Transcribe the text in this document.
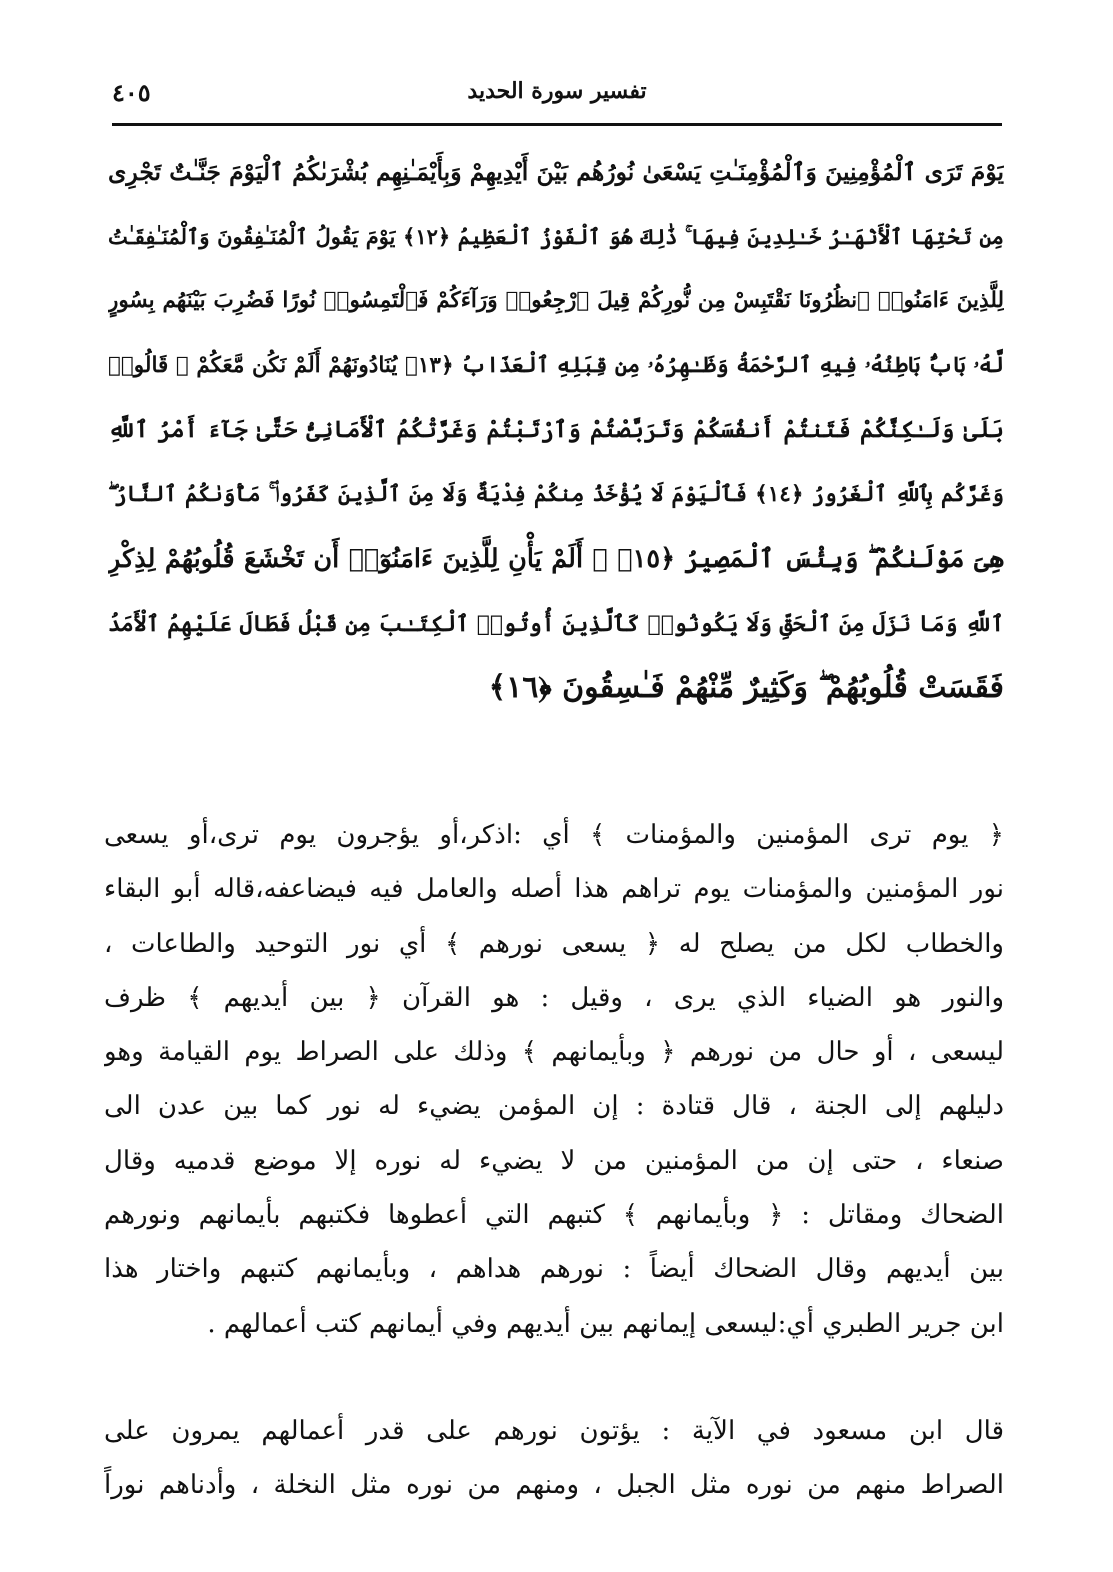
٤٠٥	تفسير سورة الحديد
يَوْمَ تَرَى ٱلْمُؤْمِنِينَ وَٱلْمُؤْمِنَـٰتِ يَسْعَىٰ نُورُهُم بَيْنَ أَيْدِيهِمْ وَبِأَيْمَـٰنِهِم بُشْرَىٰكُمُ ٱلْيَوْمَ جَنَّـٰتٌ تَجْرِى
مِن تَحْتِهَا ٱلْأَنْهَـٰرُ خَـٰلِدِينَ فِيهَا ۚ ذَٰلِكَ هُوَ ٱلْفَوْزُ ٱلْعَظِيمُ ﴿١٢﴾ يَوْمَ يَقُولُ ٱلْمُنَـٰفِقُونَ وَٱلْمُنَـٰفِقَـٰتُ
لِلَّذِينَ ءَامَنُوا۟ ٱنظُرُونَا نَقْتَبِسْ مِن نُّورِكُمْ قِيلَ ٱرْجِعُوا۟ وَرَآءَكُمْ فَٱلْتَمِسُوا۟ نُورًا فَضُرِبَ بَيْنَهُم بِسُورٍ
لَّهُۥ بَابٌۢ بَاطِنُهُۥ فِيهِ ٱلرَّحْمَةُ وَظَـٰهِرُهُۥ مِن قِبَلِهِ ٱلْعَذَابُ ﴿١٣﴾ يُنَادُونَهُمْ أَلَمْ نَكُن مَّعَكُمْ ۖ قَالُوا۟
بَلَىٰ وَلَـٰكِنَّكُمْ فَتَنتُمْ أَنفُسَكُمْ وَتَرَبَّصْتُمْ وَٱرْتَبْتُمْ وَغَرَّتْكُمُ ٱلْأَمَانِىُّ حَتَّىٰ جَآءَ أَمْرُ ٱللَّهِ
وَغَرَّكُم بِٱللَّهِ ٱلْغَرُورُ ﴿١٤﴾ فَٱلْيَوْمَ لَا يُؤْخَذُ مِنكُمْ فِدْيَةٌ وَلَا مِنَ ٱلَّذِينَ كَفَرُوا۟ ۚ مَأْوَىٰكُمُ ٱلنَّارُ ۖ
هِىَ مَوْلَىٰكُمْ ۖ وَبِئْسَ ٱلْمَصِيرُ ﴿١٥﴾ ۞ أَلَمْ يَأْنِ لِلَّذِينَ ءَامَنُوٓا۟ أَن تَخْشَعَ قُلُوبُهُمْ لِذِكْرِ
ٱللَّهِ وَمَا نَزَلَ مِنَ ٱلْحَقِّ وَلَا يَكُونُوا۟ كَٱلَّذِينَ أُوتُوا۟ ٱلْكِتَـٰبَ مِن قَبْلُ فَطَالَ عَلَيْهِمُ ٱلْأَمَدُ
فَقَسَتْ قُلُوبُهُمْ ۖ وَكَثِيرٌ مِّنْهُمْ فَـٰسِقُونَ ﴿١٦﴾
﴿ يوم ترى المؤمنين والمؤمنات ﴾ أي :اذكر،أو يؤجرون يوم ترى،أو يسعى
نور المؤمنين والمؤمنات يوم تراهم هذا أصله والعامل فيه فيضاعفه،قاله أبو البقاء
والخطاب لكل من يصلح له ﴿ يسعى نورهم ﴾ أي نور التوحيد والطاعات ،
والنور هو الضياء الذي يرى ، وقيل : هو القرآن ﴿ بين أيديهم ﴾ ظرف
ليسعى ، أو حال من نورهم ﴿ وبأيمانهم ﴾ وذلك على الصراط يوم القيامة وهو
دليلهم إلى الجنة ، قال قتادة : إن المؤمن يضيء له نور كما بين عدن الى
صنعاء ، حتى إن من المؤمنين من لا يضيء له نوره إلا موضع قدميه وقال
الضحاك ومقاتل : ﴿ وبأيمانهم ﴾ كتبهم التي أعطوها فكتبهم بأيمانهم ونورهم
بين أيديهم وقال الضحاك أيضاً : نورهم هداهم ، وبأيمانهم كتبهم واختار هذا
ابن جرير الطبري أي:ليسعى إيمانهم بين أيديهم وفي أيمانهم كتب أعمالهم .
قال ابن مسعود في الآية : يؤتون نورهم على قدر أعمالهم يمرون على
الصراط منهم من نوره مثل الجبل ، ومنهم من نوره مثل النخلة ، وأدناهم نوراً
